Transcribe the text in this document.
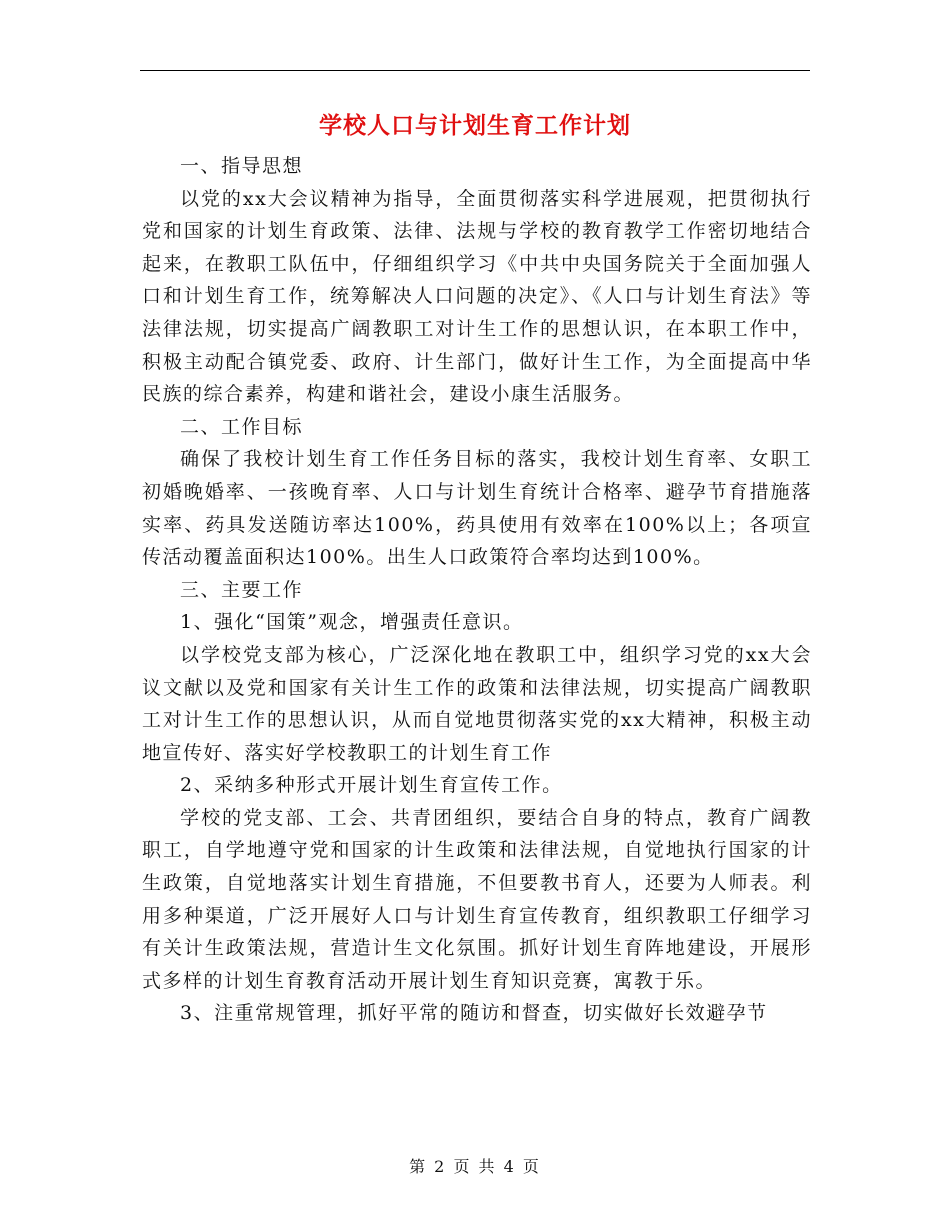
学校人口与计划生育工作计划

一、指导思想

以党的xx大会议精神为指导，全面贯彻落实科学进展观，把贯彻执行党和国家的计划生育政策、法律、法规与学校的教育教学工作密切地结合起来，在教职工队伍中，仔细组织学习《中共中央国务院关于全面加强人口和计划生育工作，统筹解决人口问题的决定》、《人口与计划生育法》等法律法规，切实提高广阔教职工对计生工作的思想认识，在本职工作中，积极主动配合镇党委、政府、计生部门，做好计生工作，为全面提高中华民族的综合素养，构建和谐社会，建设小康生活服务。

二、工作目标

确保了我校计划生育工作任务目标的落实，我校计划生育率、女职工初婚晚婚率、一孩晚育率、人口与计划生育统计合格率、避孕节育措施落实率、药具发送随访率达100%，药具使用有效率在100%以上；各项宣传活动覆盖面积达100%。出生人口政策符合率均达到100%。

三、主要工作

1、强化“国策”观念，增强责任意识。

以学校党支部为核心，广泛深化地在教职工中，组织学习党的xx大会议文献以及党和国家有关计生工作的政策和法律法规，切实提高广阔教职工对计生工作的思想认识，从而自觉地贯彻落实党的xx大精神，积极主动地宣传好、落实好学校教职工的计划生育工作

2、采纳多种形式开展计划生育宣传工作。

学校的党支部、工会、共青团组织，要结合自身的特点，教育广阔教职工，自学地遵守党和国家的计生政策和法律法规，自觉地执行国家的计生政策，自觉地落实计划生育措施，不但要教书育人，还要为人师表。利用多种渠道，广泛开展好人口与计划生育宣传教育，组织教职工仔细学习有关计生政策法规，营造计生文化氛围。抓好计划生育阵地建设，开展形式多样的计划生育教育活动开展计划生育知识竞赛，寓教于乐。

3、注重常规管理，抓好平常的随访和督查，切实做好长效避孕节

第 2 页 共 4 页
